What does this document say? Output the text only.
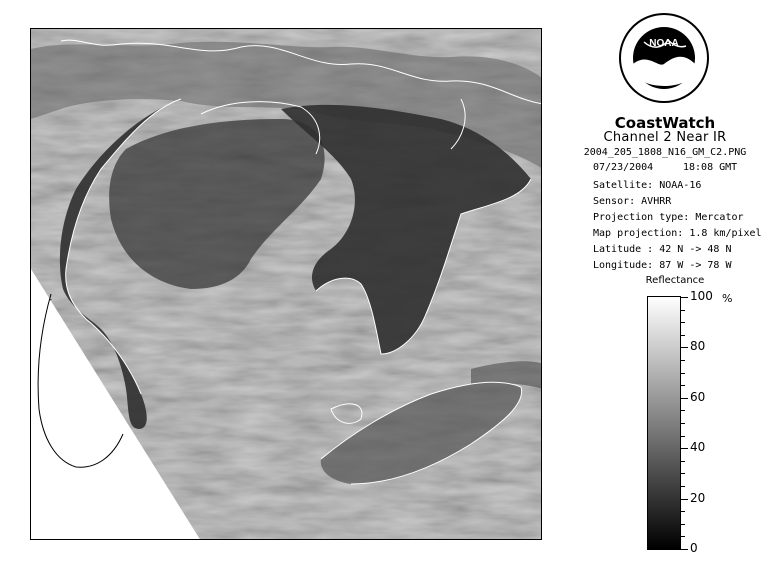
NOAA
CoastWatch
Channel 2 Near IR
2004_205_1808_N16_GM_C2.PNG
07/23/2004	18:08 GMT
Satellite: NOAA-16
Sensor: AVHRR
Projection type: Mercator
Map projection: 1.8 km/pixel
Latitude : 42 N -> 48 N
Longitude: 87 W -> 78 W
Reflectance
%
100
80
60
40
20
0
